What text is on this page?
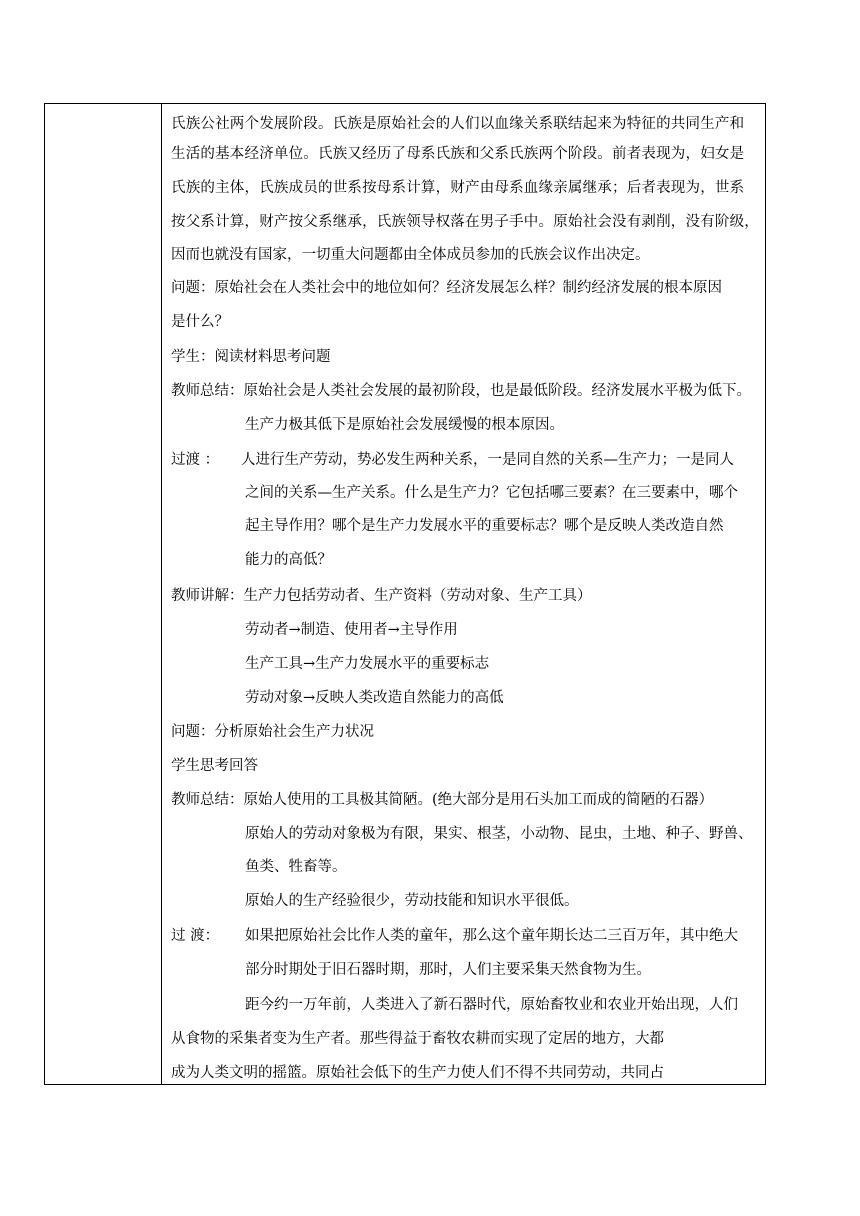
氏族公社两个发展阶段。氏族是原始社会的人们以血缘关系联结起来为特征的共同生产和
生活的基本经济单位。氏族又经历了母系氏族和父系氏族两个阶段。前者表现为，妇女是
氏族的主体，氏族成员的世系按母系计算，财产由母系血缘亲属继承；后者表现为，世系
按父系计算，财产按父系继承，氏族领导权落在男子手中。原始社会没有剥削，没有阶级，
因而也就没有国家，一切重大问题都由全体成员参加的氏族会议作出决定。
问题：原始社会在人类社会中的地位如何？经济发展怎么样？制约经济发展的根本原因
是什么？
学生：阅读材料思考问题
教师总结：原始社会是人类社会发展的最初阶段，也是最低阶段。经济发展水平极为低下。
生产力极其低下是原始社会发展缓慢的根本原因。
过渡 ： 人进行生产劳动，势必发生两种关系，一是同自然的关系—生产力；一是同人
之间的关系—生产关系。什么是生产力？它包括哪三要素？在三要素中，哪个
起主导作用？哪个是生产力发展水平的重要标志？哪个是反映人类改造自然
能力的高低？
教师讲解：生产力包括劳动者、生产资料（劳动对象、生产工具）
劳动者→制造、使用者→主导作用
生产工具→生产力发展水平的重要标志
劳动对象→反映人类改造自然能力的高低
问题：分析原始社会生产力状况
学生思考回答
教师总结：原始人使用的工具极其简陋。(绝大部分是用石头加工而成的简陋的石器）
原始人的劳动对象极为有限，果实、根茎，小动物、昆虫，土地、种子、野兽、
鱼类、牲畜等。
原始人的生产经验很少，劳动技能和知识水平很低。
过 渡： 如果把原始社会比作人类的童年，那么这个童年期长达二三百万年，其中绝大
部分时期处于旧石器时期，那时，人们主要采集天然食物为生。
距今约一万年前，人类进入了新石器时代，原始畜牧业和农业开始出现，人们
从食物的采集者变为生产者。那些得益于畜牧农耕而实现了定居的地方，大都
成为人类文明的摇篮。原始社会低下的生产力使人们不得不共同劳动，共同占
